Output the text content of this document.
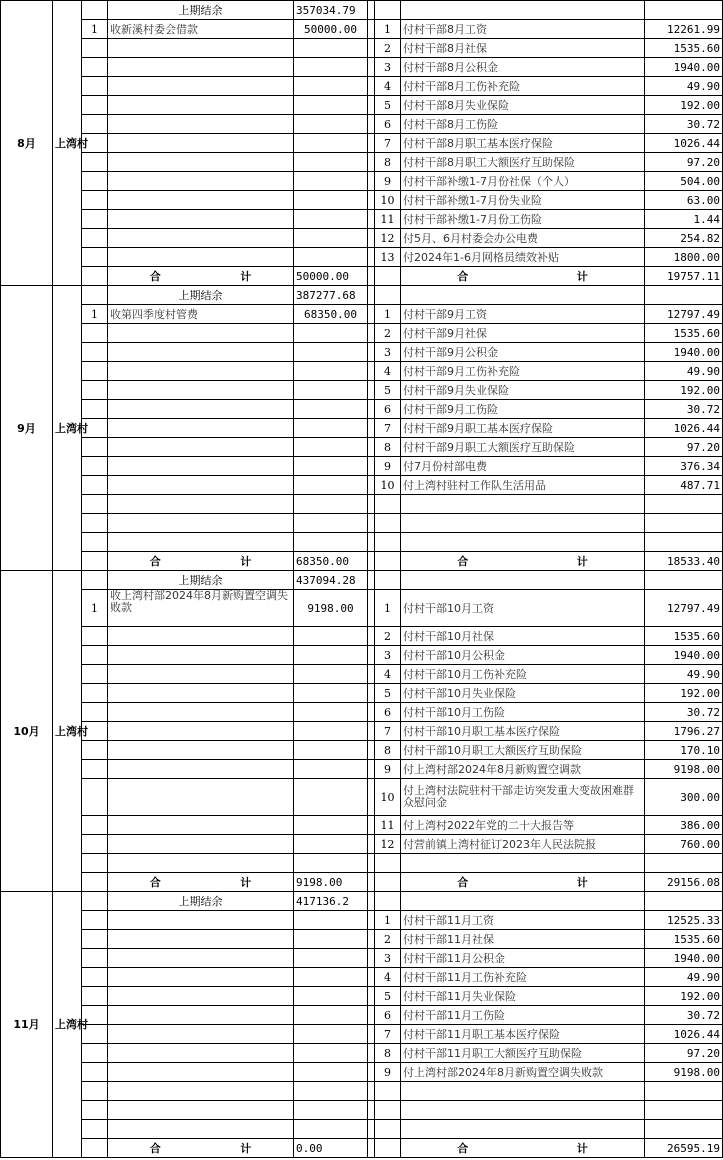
8月	上湾村		上期结余	357034.79				
		1	收新溪村委会借款	50000.00		1	付村干部8月工资	12261.99
						2	付村干部8月社保	1535.60
						3	付村干部8月公积金	1940.00
						4	付村干部8月工伤补充险	49.90
						5	付村干部8月失业保险	192.00
						6	付村干部8月工伤险	30.72
						7	付村干部8月职工基本医疗保险	1026.44
						8	付村干部8月职工大额医疗互助保险	97.20
						9	付村干部补缴1-7月份社保（个人）	504.00
						10	付村干部补缴1-7月份失业险	63.00
						11	付村干部补缴1-7月份工伤险	1.44
						12	付5月、6月村委会办公电费	254.82
						13	付2024年1-6月网格员绩效补贴	1800.00
			合 计	50000.00			合 计	19757.11
9月	上湾村		上期结余	387277.68				
		1	收第四季度村管费	68350.00		1	付村干部9月工资	12797.49
						2	付村干部9月社保	1535.60
						3	付村干部9月公积金	1940.00
						4	付村干部9月工伤补充险	49.90
						5	付村干部9月失业保险	192.00
						6	付村干部9月工伤险	30.72
						7	付村干部9月职工基本医疗保险	1026.44
						8	付村干部9月职工大额医疗互助保险	97.20
						9	付7月份村部电费	376.34
						10	付上湾村驻村工作队生活用品	487.71

			合 计	68350.00			合 计	18533.40
10月	上湾村		上期结余	437094.28				
		1	收上湾村部2024年8月新购置空调失败款	9198.00		1	付村干部10月工资	12797.49
						2	付村干部10月社保	1535.60
						3	付村干部10月公积金	1940.00
						4	付村干部10月工伤补充险	49.90
						5	付村干部10月失业保险	192.00
						6	付村干部10月工伤险	30.72
						7	付村干部10月职工基本医疗保险	1796.27
						8	付村干部10月职工大额医疗互助保险	170.10
						9	付上湾村部2024年8月新购置空调款	9198.00
						10	付上湾村法院驻村干部走访突发重大变故困难群众慰问金	300.00
						11	付上湾村2022年党的二十大报告等	386.00
						12	付营前镇上湾村征订2023年人民法院报	760.00

			合 计	9198.00			合 计	29156.08
11月	上湾村		上期结余	417136.2				
						1	付村干部11月工资	12525.33
						2	付村干部11月社保	1535.60
						3	付村干部11月公积金	1940.00
						4	付村干部11月工伤补充险	49.90
						5	付村干部11月失业保险	192.00
						6	付村干部11月工伤险	30.72
						7	付村干部11月职工基本医疗保险	1026.44
						8	付村干部11月职工大额医疗互助保险	97.20
						9	付上湾村部2024年8月新购置空调失败款	9198.00

			合 计	0.00			合 计	26595.19
